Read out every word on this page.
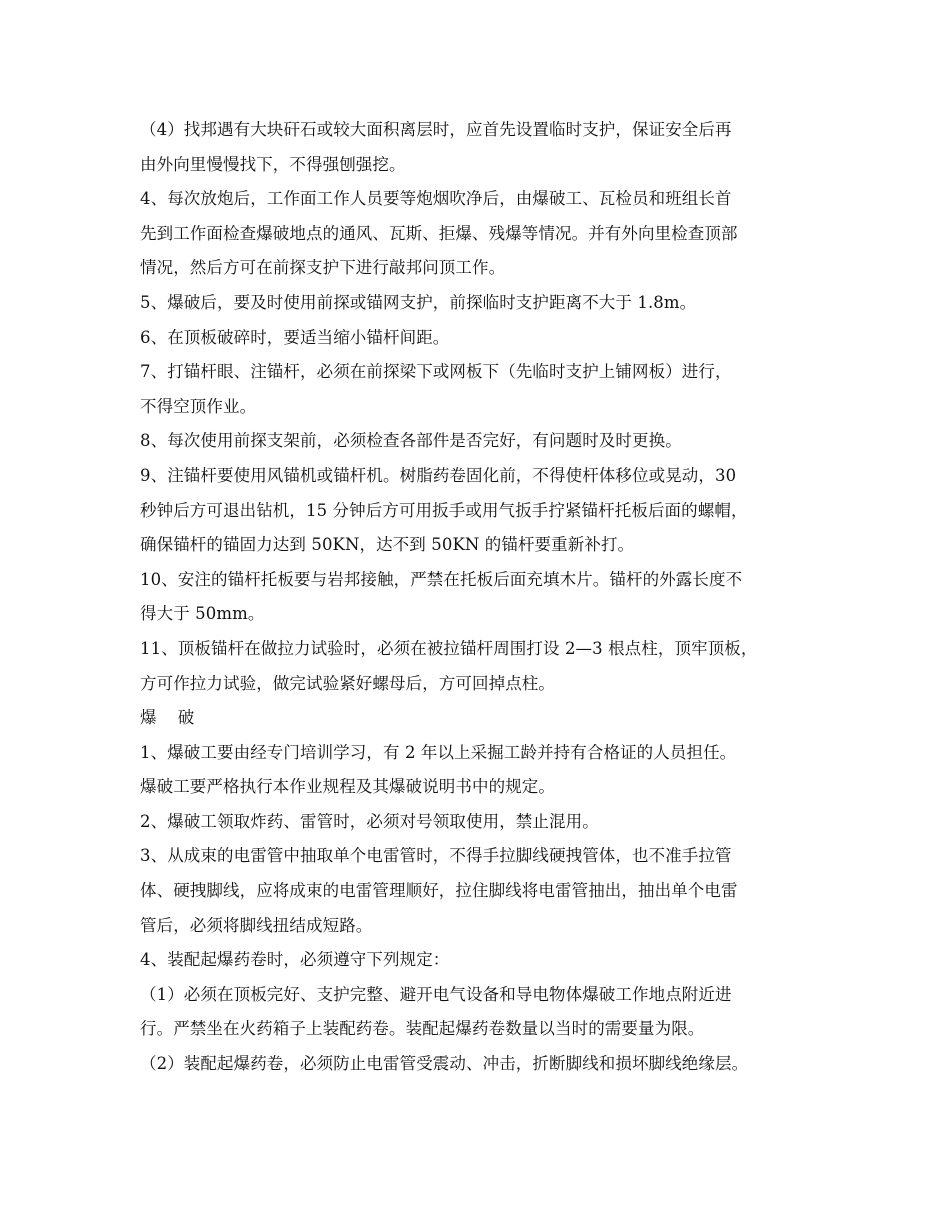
（4）找邦遇有大块矸石或较大面积离层时，应首先设置临时支护，保证安全后再
由外向里慢慢找下，不得强刨强挖。
4、每次放炮后，工作面工作人员要等炮烟吹净后，由爆破工、瓦检员和班组长首
先到工作面检查爆破地点的通风、瓦斯、拒爆、残爆等情况。并有外向里检查顶部
情况，然后方可在前探支护下进行敲邦问顶工作。
5、爆破后，要及时使用前探或锚网支护，前探临时支护距离不大于 1.8m。
6、在顶板破碎时，要适当缩小锚杆间距。
7、打锚杆眼、注锚杆，必须在前探梁下或网板下（先临时支护上铺网板）进行，
不得空顶作业。
8、每次使用前探支架前，必须检查各部件是否完好，有问题时及时更换。
9、注锚杆要使用风锚机或锚杆机。树脂药卷固化前，不得使杆体移位或晃动，30
秒钟后方可退出钻机，15 分钟后方可用扳手或用气扳手拧紧锚杆托板后面的螺帽，
确保锚杆的锚固力达到 50KN，达不到 50KN 的锚杆要重新补打。
10、安注的锚杆托板要与岩邦接触，严禁在托板后面充填木片。锚杆的外露长度不
得大于 50mm。
11、顶板锚杆在做拉力试验时，必须在被拉锚杆周围打设 2—3 根点柱，顶牢顶板，
方可作拉力试验，做完试验紧好螺母后，方可回掉点柱。
爆 破
1、爆破工要由经专门培训学习，有 2 年以上采掘工龄并持有合格证的人员担任。
爆破工要严格执行本作业规程及其爆破说明书中的规定。
2、爆破工领取炸药、雷管时，必须对号领取使用，禁止混用。
3、从成束的电雷管中抽取单个电雷管时，不得手拉脚线硬拽管体，也不准手拉管
体、硬拽脚线，应将成束的电雷管理顺好，拉住脚线将电雷管抽出，抽出单个电雷
管后，必须将脚线扭结成短路。
4、装配起爆药卷时，必须遵守下列规定：
（1）必须在顶板完好、支护完整、避开电气设备和导电物体爆破工作地点附近进
行。严禁坐在火药箱子上装配药卷。装配起爆药卷数量以当时的需要量为限。
（2）装配起爆药卷，必须防止电雷管受震动、冲击，折断脚线和损坏脚线绝缘层。
